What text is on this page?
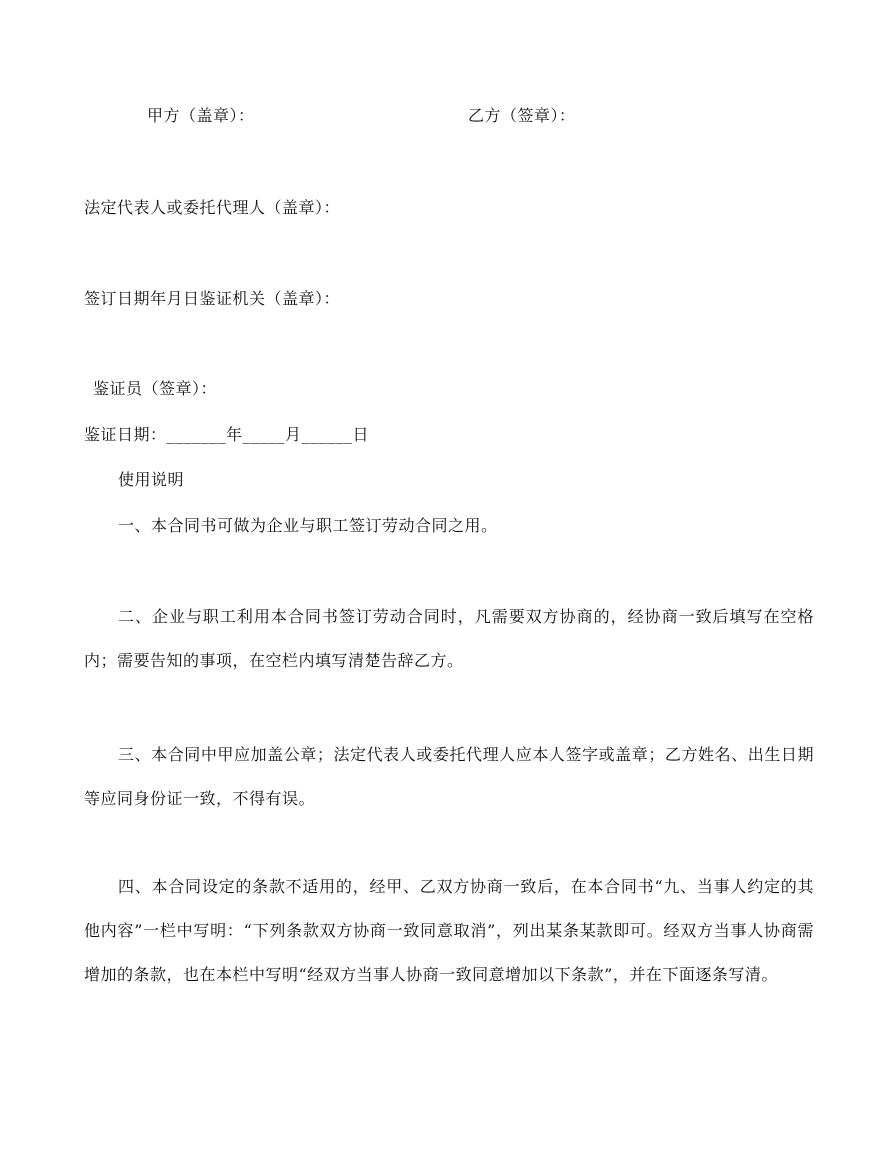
甲方（盖章）：	乙方（签章）：
法定代表人或委托代理人（盖章）：
签订日期年月日鉴证机关（盖章）：
鉴证员（签章）：
鉴证日期：_______年_____月______日
使用说明
一、本合同书可做为企业与职工签订劳动合同之用。
二、企业与职工利用本合同书签订劳动合同时，凡需要双方协商的，经协商一致后填写在空格内；需要告知的事项，在空栏内填写清楚告辞乙方。
三、本合同中甲应加盖公章；法定代表人或委托代理人应本人签字或盖章；乙方姓名、出生日期等应同身份证一致，不得有误。
四、本合同设定的条款不适用的，经甲、乙双方协商一致后，在本合同书“九、当事人约定的其他内容”一栏中写明：“下列条款双方协商一致同意取消”，列出某条某款即可。经双方当事人协商需增加的条款，也在本栏中写明“经双方当事人协商一致同意增加以下条款”，并在下面逐条写清。
